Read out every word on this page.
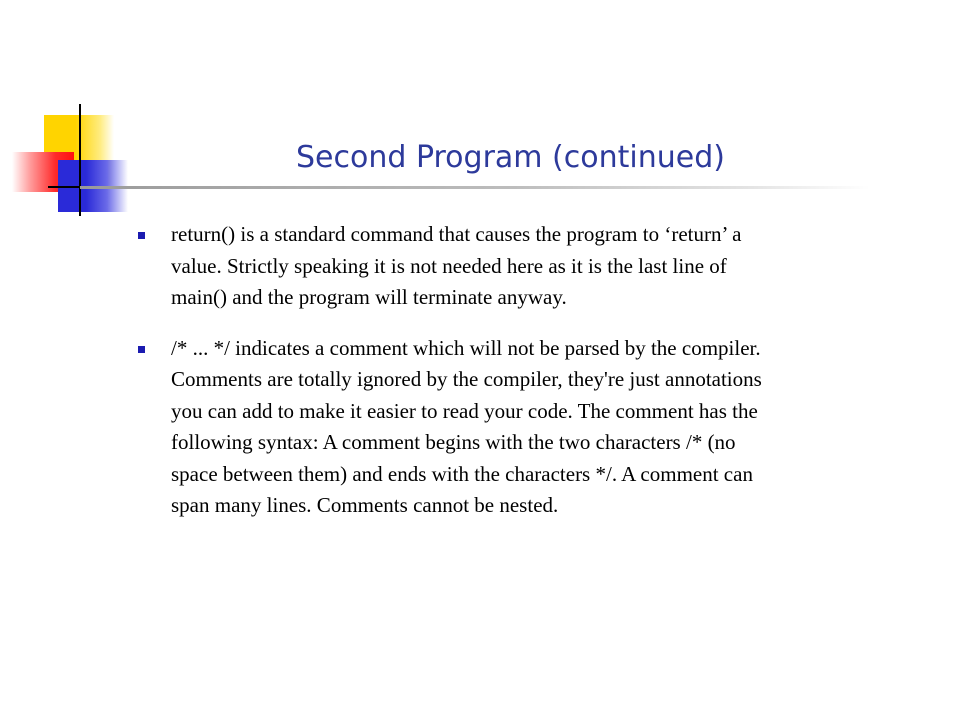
Second Program (continued)
return() is a standard command that causes the program to ‘return’ a
value. Strictly speaking it is not needed here as it is the last line of
main() and the program will terminate anyway.
/* ... */ indicates a comment which will not be parsed by the compiler.
Comments are totally ignored by the compiler, they're just annotations
you can add to make it easier to read your code. The comment has the
following syntax: A comment begins with the two characters /* (no
space between them) and ends with the characters */. A comment can
span many lines. Comments cannot be nested.
